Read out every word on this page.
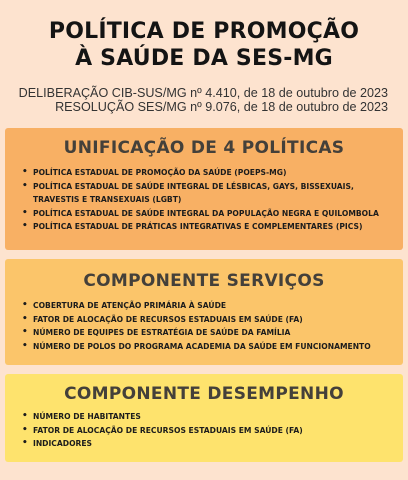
POLÍTICA DE PROMOÇÃO
À SAÚDE DA SES-MG
DELIBERAÇÃO CIB-SUS/MG nº 4.410, de 18 de outubro de 2023
RESOLUÇÃO SES/MG nº 9.076, de 18 de outubro de 2023
UNIFICAÇÃO DE 4 POLÍTICAS
• POLÍTICA ESTADUAL DE PROMOÇÃO DA SAÚDE (POEPS-MG)
• POLÍTICA ESTADUAL DE SAÚDE INTEGRAL DE LÉSBICAS, GAYS, BISSEXUAIS, TRAVESTIS E TRANSEXUAIS (LGBT)
• POLÍTICA ESTADUAL DE SAÚDE INTEGRAL DA POPULAÇÃO NEGRA E QUILOMBOLA
• POLÍTICA ESTADUAL DE PRÁTICAS INTEGRATIVAS E COMPLEMENTARES (PICS)
COMPONENTE SERVIÇOS
• COBERTURA DE ATENÇÃO PRIMÁRIA À SAÚDE
• FATOR DE ALOCAÇÃO DE RECURSOS ESTADUAIS EM SAÚDE (FA)
• NÚMERO DE EQUIPES DE ESTRATÉGIA DE SAÚDE DA FAMÍLIA
• NÚMERO DE POLOS DO PROGRAMA ACADEMIA DA SAÚDE EM FUNCIONAMENTO
COMPONENTE DESEMPENHO
• NÚMERO DE HABITANTES
• FATOR DE ALOCAÇÃO DE RECURSOS ESTADUAIS EM SAÚDE (FA)
• INDICADORES
